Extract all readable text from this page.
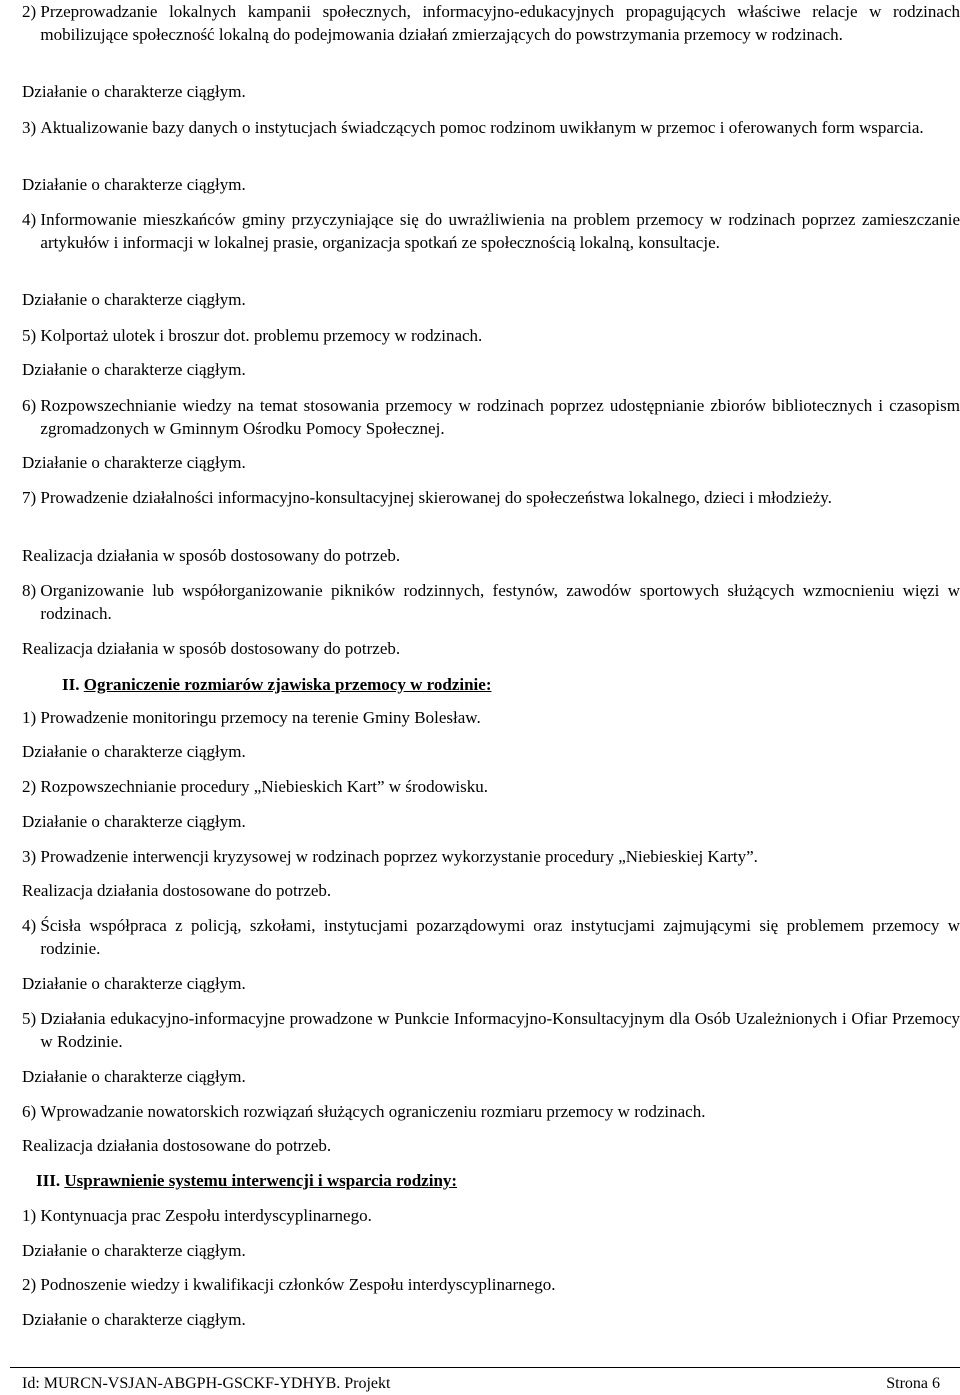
2)
Przeprowadzanie lokalnych kampanii społecznych, informacyjno-edukacyjnych propagujących właściwe relacje w rodzinach mobilizujące społeczność lokalną do podejmowania działań zmierzających do powstrzymania przemocy w rodzinach.
Działanie o charakterze ciągłym.
3)
Aktualizowanie bazy danych o instytucjach świadczących pomoc rodzinom uwikłanym w przemoc i oferowanych form wsparcia.
Działanie o charakterze ciągłym.
4)
Informowanie mieszkańców gminy przyczyniające się do uwrażliwienia na problem przemocy w rodzinach poprzez zamieszczanie artykułów i informacji w lokalnej prasie, organizacja spotkań ze społecznością lokalną, konsultacje.
Działanie o charakterze ciągłym.
5)
Kolportaż ulotek i broszur dot. problemu przemocy w rodzinach.
Działanie o charakterze ciągłym.
6)
Rozpowszechnianie wiedzy na temat stosowania przemocy w rodzinach poprzez udostępnianie zbiorów bibliotecznych i czasopism zgromadzonych w Gminnym Ośrodku Pomocy Społecznej.
Działanie o charakterze ciągłym.
7)
Prowadzenie działalności informacyjno-konsultacyjnej skierowanej do społeczeństwa lokalnego, dzieci i młodzieży.
Realizacja działania w sposób dostosowany do potrzeb.
8)
Organizowanie lub współorganizowanie pikników rodzinnych, festynów, zawodów sportowych służących wzmocnieniu więzi w rodzinach.
Realizacja działania w sposób dostosowany do potrzeb.
II.
Ograniczenie rozmiarów zjawiska przemocy w rodzinie:
1)
Prowadzenie monitoringu przemocy na terenie Gminy Bolesław.
Działanie o charakterze ciągłym.
2)
Rozpowszechnianie procedury „Niebieskich Kart” w środowisku.
Działanie o charakterze ciągłym.
3)
Prowadzenie interwencji kryzysowej w rodzinach poprzez wykorzystanie procedury „Niebieskiej Karty”.
Realizacja działania dostosowane do potrzeb.
4)
Ścisła współpraca z policją, szkołami, instytucjami pozarządowymi oraz instytucjami zajmującymi się problemem przemocy w rodzinie.
Działanie o charakterze ciągłym.
5)
Działania edukacyjno-informacyjne prowadzone w Punkcie Informacyjno-Konsultacyjnym dla Osób Uzależnionych i Ofiar Przemocy w Rodzinie.
Działanie o charakterze ciągłym.
6)
Wprowadzanie nowatorskich rozwiązań służących ograniczeniu rozmiaru przemocy w rodzinach.
Realizacja działania dostosowane do potrzeb.
III.
Usprawnienie systemu interwencji i wsparcia rodziny:
1)
Kontynuacja prac Zespołu interdyscyplinarnego.
Działanie o charakterze ciągłym.
2)
Podnoszenie wiedzy i kwalifikacji członków Zespołu interdyscyplinarnego.
Działanie o charakterze ciągłym.
Id: MURCN-VSJAN-ABGPH-GSCKF-YDHYB. Projekt	Strona 6
